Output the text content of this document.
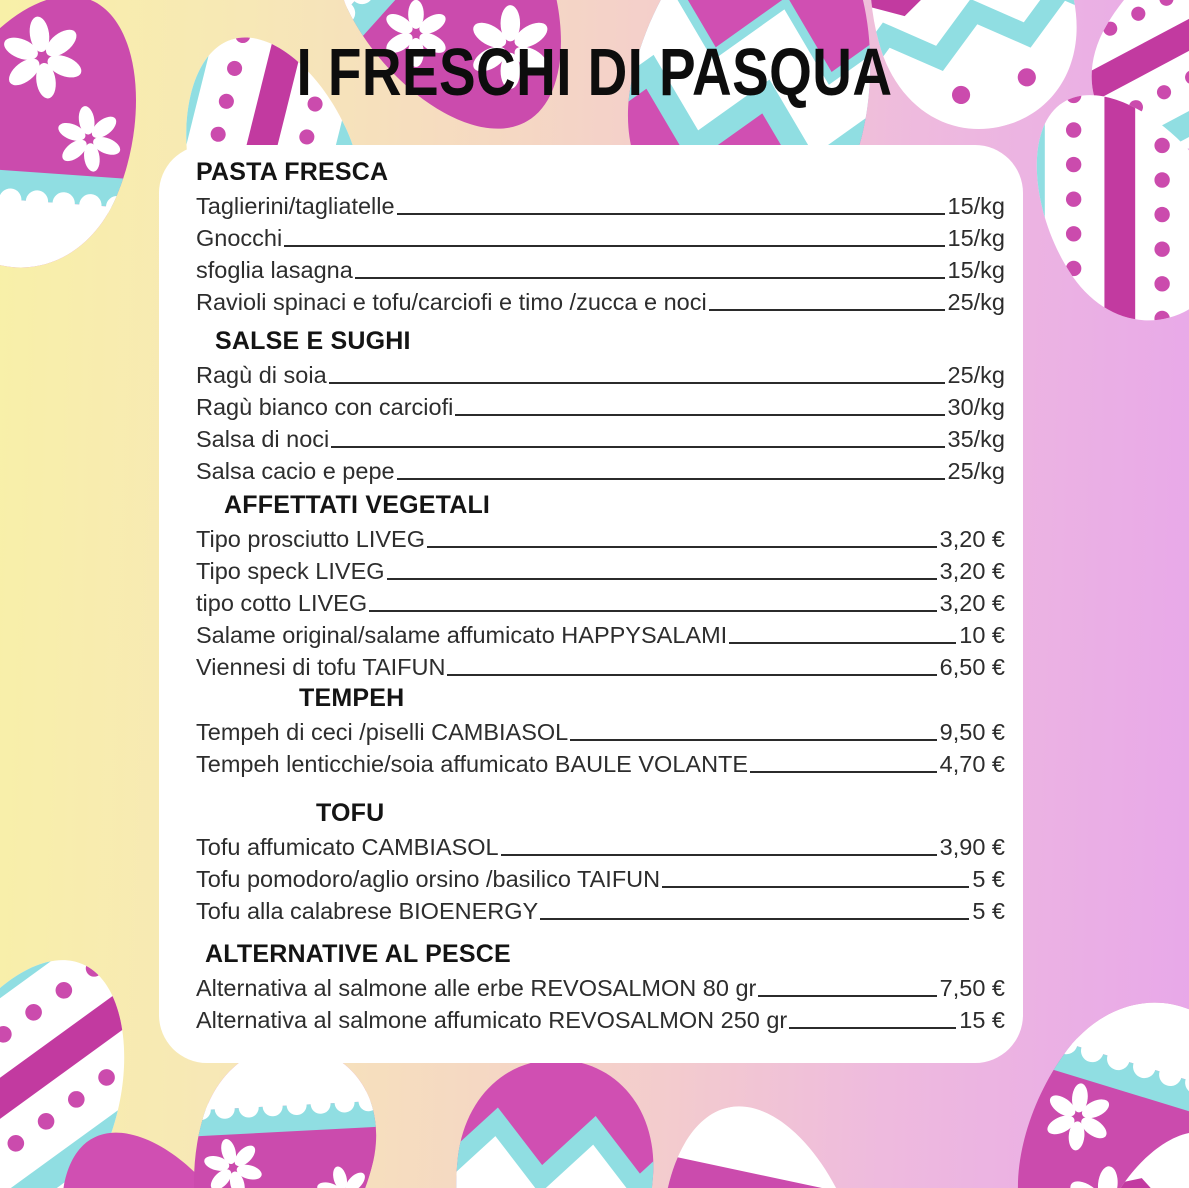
I FRESCHI DI PASQUA
PASTA FRESCA
Taglierini/tagliatelle	15/kg
Gnocchi	15/kg
sfoglia lasagna	15/kg
Ravioli spinaci e tofu/carciofi e timo /zucca e noci	25/kg
SALSE E SUGHI
Ragù di soia	25/kg
Ragù bianco con carciofi	30/kg
Salsa di noci	35/kg
Salsa cacio e pepe	25/kg
AFFETTATI VEGETALI
Tipo prosciutto LIVEG	3,20 €
Tipo speck LIVEG	3,20 €
tipo cotto LIVEG	3,20 €
Salame original/salame affumicato HAPPYSALAMI	10 €
Viennesi di tofu TAIFUN	6,50 €
TEMPEH
Tempeh di ceci /piselli CAMBIASOL	9,50 €
Tempeh lenticchie/soia affumicato BAULE VOLANTE	4,70 €
TOFU
Tofu affumicato CAMBIASOL	3,90 €
Tofu pomodoro/aglio orsino /basilico TAIFUN	5 €
Tofu alla calabrese BIOENERGY	5 €
ALTERNATIVE AL PESCE
Alternativa al salmone alle erbe REVOSALMON 80 gr	7,50 €
Alternativa al salmone affumicato REVOSALMON 250 gr	15 €
